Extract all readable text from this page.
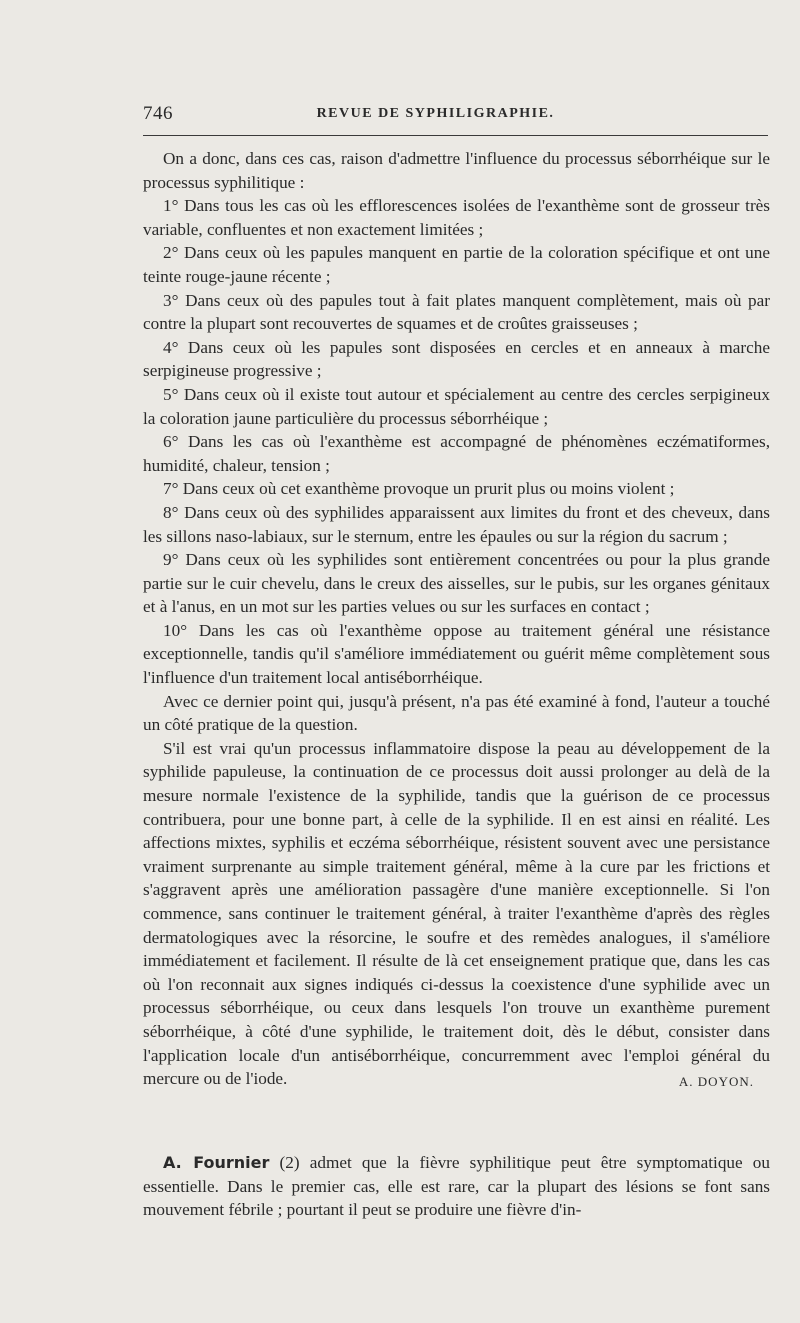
746	REVUE DE SYPHILIGRAPHIE.

On a donc, dans ces cas, raison d'admettre l'influence du processus séborrhéique sur le processus syphilitique :

1° Dans tous les cas où les efflorescences isolées de l'exanthème sont de grosseur très variable, confluentes et non exactement limitées ;

2° Dans ceux où les papules manquent en partie de la coloration spécifique et ont une teinte rouge-jaune récente ;

3° Dans ceux où des papules tout à fait plates manquent complètement, mais où par contre la plupart sont recouvertes de squames et de croûtes graisseuses ;

4° Dans ceux où les papules sont disposées en cercles et en anneaux à marche serpigineuse progressive ;

5° Dans ceux où il existe tout autour et spécialement au centre des cercles serpigineux la coloration jaune particulière du processus séborrhéique ;

6° Dans les cas où l'exanthème est accompagné de phénomènes eczématiformes, humidité, chaleur, tension ;

7° Dans ceux où cet exanthème provoque un prurit plus ou moins violent ;

8° Dans ceux où des syphilides apparaissent aux limites du front et des cheveux, dans les sillons naso-labiaux, sur le sternum, entre les épaules ou sur la région du sacrum ;

9° Dans ceux où les syphilides sont entièrement concentrées ou pour la plus grande partie sur le cuir chevelu, dans le creux des aisselles, sur le pubis, sur les organes génitaux et à l'anus, en un mot sur les parties velues ou sur les surfaces en contact ;

10° Dans les cas où l'exanthème oppose au traitement général une résistance exceptionnelle, tandis qu'il s'améliore immédiatement ou guérit même complètement sous l'influence d'un traitement local antiséborrhéique.

Avec ce dernier point qui, jusqu'à présent, n'a pas été examiné à fond, l'auteur a touché un côté pratique de la question.

S'il est vrai qu'un processus inflammatoire dispose la peau au développement de la syphilide papuleuse, la continuation de ce processus doit aussi prolonger au delà de la mesure normale l'existence de la syphilide, tandis que la guérison de ce processus contribuera, pour une bonne part, à celle de la syphilide. Il en est ainsi en réalité. Les affections mixtes, syphilis et eczéma séborrhéique, résistent souvent avec une persistance vraiment surprenante au simple traitement général, même à la cure par les frictions et s'aggravent après une amélioration passagère d'une manière exceptionnelle. Si l'on commence, sans continuer le traitement général, à traiter l'exanthème d'après des règles dermatologiques avec la résorcine, le soufre et des remèdes analogues, il s'améliore immédiatement et facilement. Il résulte de là cet enseignement pratique que, dans les cas où l'on reconnait aux signes indiqués ci-dessus la coexistence d'une syphilide avec un processus séborrhéique, ou ceux dans lesquels l'on trouve un exanthème purement séborrhéique, à côté d'une syphilide, le traitement doit, dès le début, consister dans l'application locale d'un antiséborrhéique, concurremment avec l'emploi général du mercure ou de l'iode.	A. DOYON.

A. Fournier (2) admet que la fièvre syphilitique peut être symptomatique ou essentielle. Dans le premier cas, elle est rare, car la plupart des lésions se font sans mouvement fébrile ; pourtant il peut se produire une fièvre d'in-
